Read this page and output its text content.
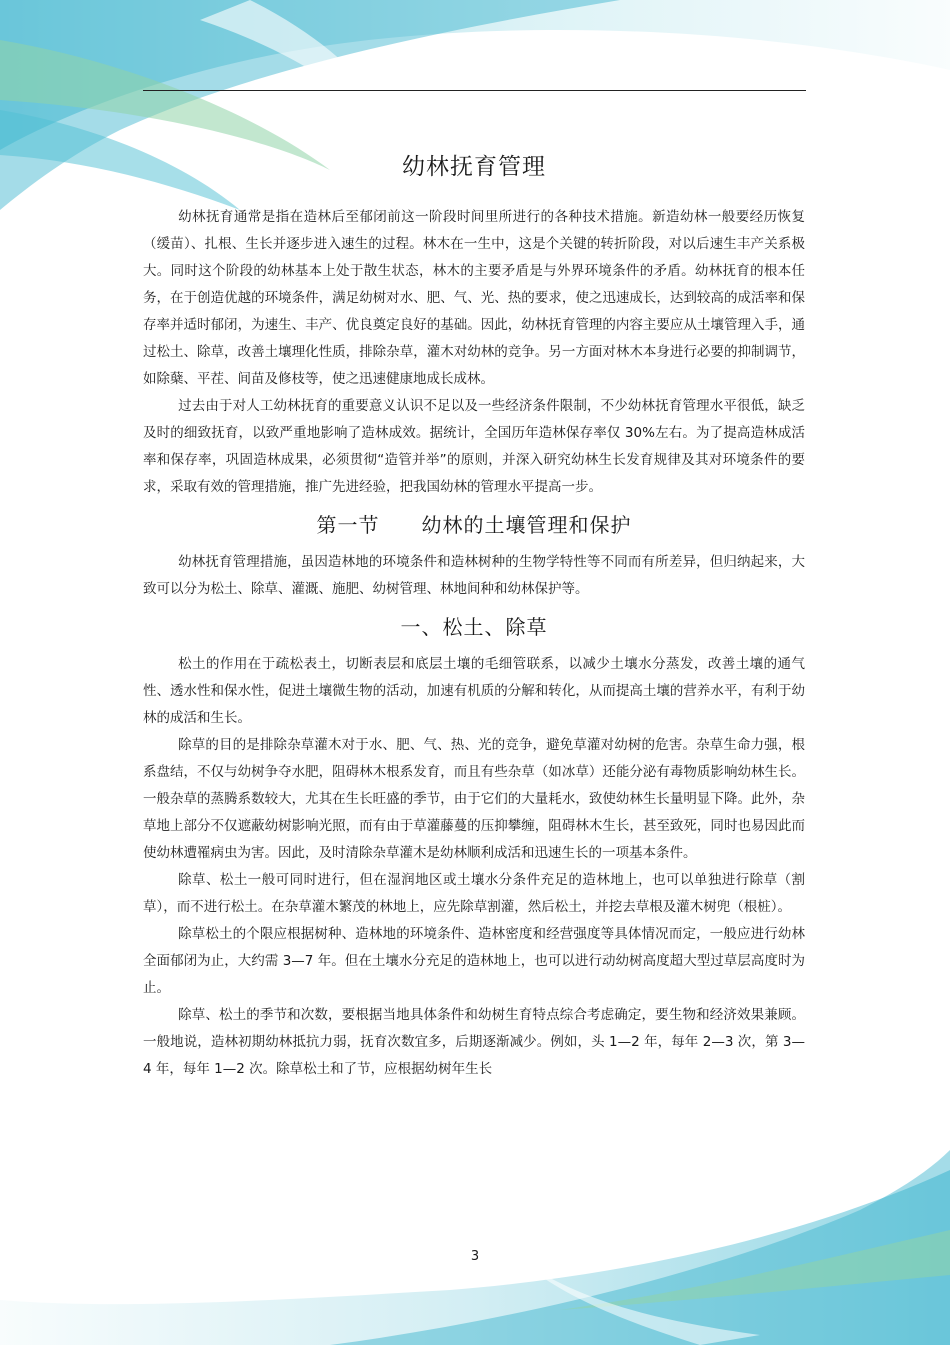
幼林抚育管理

幼林抚育通常是指在造林后至郁闭前这一阶段时间里所进行的各种技术措施。新造幼林一般要经历恢复（缓苗）、扎根、生长并逐步进入速生的过程。林木在一生中，这是个关键的转折阶段，对以后速生丰产关系极大。同时这个阶段的幼林基本上处于散生状态，林木的主要矛盾是与外界环境条件的矛盾。幼林抚育的根本任务，在于创造优越的环境条件，满足幼树对水、肥、气、光、热的要求，使之迅速成长，达到较高的成活率和保存率并适时郁闭，为速生、丰产、优良奠定良好的基础。因此，幼林抚育管理的内容主要应从土壤管理入手，通过松土、除草，改善土壤理化性质，排除杂草，灌木对幼林的竞争。另一方面对林木本身进行必要的抑制调节，如除蘖、平茬、间苗及修枝等，使之迅速健康地成长成林。

过去由于对人工幼林抚育的重要意义认识不足以及一些经济条件限制，不少幼林抚育管理水平很低，缺乏及时的细致抚育，以致严重地影响了造林成效。据统计，全国历年造林保存率仅 30%左右。为了提高造林成活率和保存率，巩固造林成果，必须贯彻“造管并举”的原则，并深入研究幼林生长发育规律及其对环境条件的要求，采取有效的管理措施，推广先进经验，把我国幼林的管理水平提高一步。

第一节　　幼林的土壤管理和保护

幼林抚育管理措施，虽因造林地的环境条件和造林树种的生物学特性等不同而有所差异，但归纳起来，大致可以分为松土、除草、灌溉、施肥、幼树管理、林地间种和幼林保护等。

一、松土、除草

松土的作用在于疏松表土，切断表层和底层土壤的毛细管联系，以减少土壤水分蒸发，改善土壤的通气性、透水性和保水性，促进土壤微生物的活动，加速有机质的分解和转化，从而提高土壤的营养水平，有利于幼林的成活和生长。

除草的目的是排除杂草灌木对于水、肥、气、热、光的竞争，避免草灌对幼树的危害。杂草生命力强，根系盘结，不仅与幼树争夺水肥，阻碍林木根系发育，而且有些杂草（如冰草）还能分泌有毒物质影响幼林生长。一般杂草的蒸腾系数较大，尤其在生长旺盛的季节，由于它们的大量耗水，致使幼林生长量明显下降。此外，杂草地上部分不仅遮蔽幼树影响光照，而有由于草灌藤蔓的压抑攀缠，阻碍林木生长，甚至致死，同时也易因此而使幼林遭罹病虫为害。因此，及时清除杂草灌木是幼林顺利成活和迅速生长的一项基本条件。

除草、松土一般可同时进行，但在湿润地区或土壤水分条件充足的造林地上，也可以单独进行除草（割草），而不进行松土。在杂草灌木繁茂的林地上，应先除草割灌，然后松土，并挖去草根及灌木树兜（根桩）。

除草松土的个限应根据树种、造林地的环境条件、造林密度和经营强度等具体情况而定，一般应进行幼林全面郁闭为止，大约需 3—7 年。但在土壤水分充足的造林地上，也可以进行动幼树高度超大型过草层高度时为止。

除草、松土的季节和次数，要根据当地具体条件和幼树生育特点综合考虑确定，要生物和经济效果兼顾。一般地说，造林初期幼林抵抗力弱，抚育次数宜多，后期逐渐减少。例如，头 1—2 年，每年 2—3 次，第 3—4 年，每年 1—2 次。除草松土和了节，应根据幼树年生长

3
